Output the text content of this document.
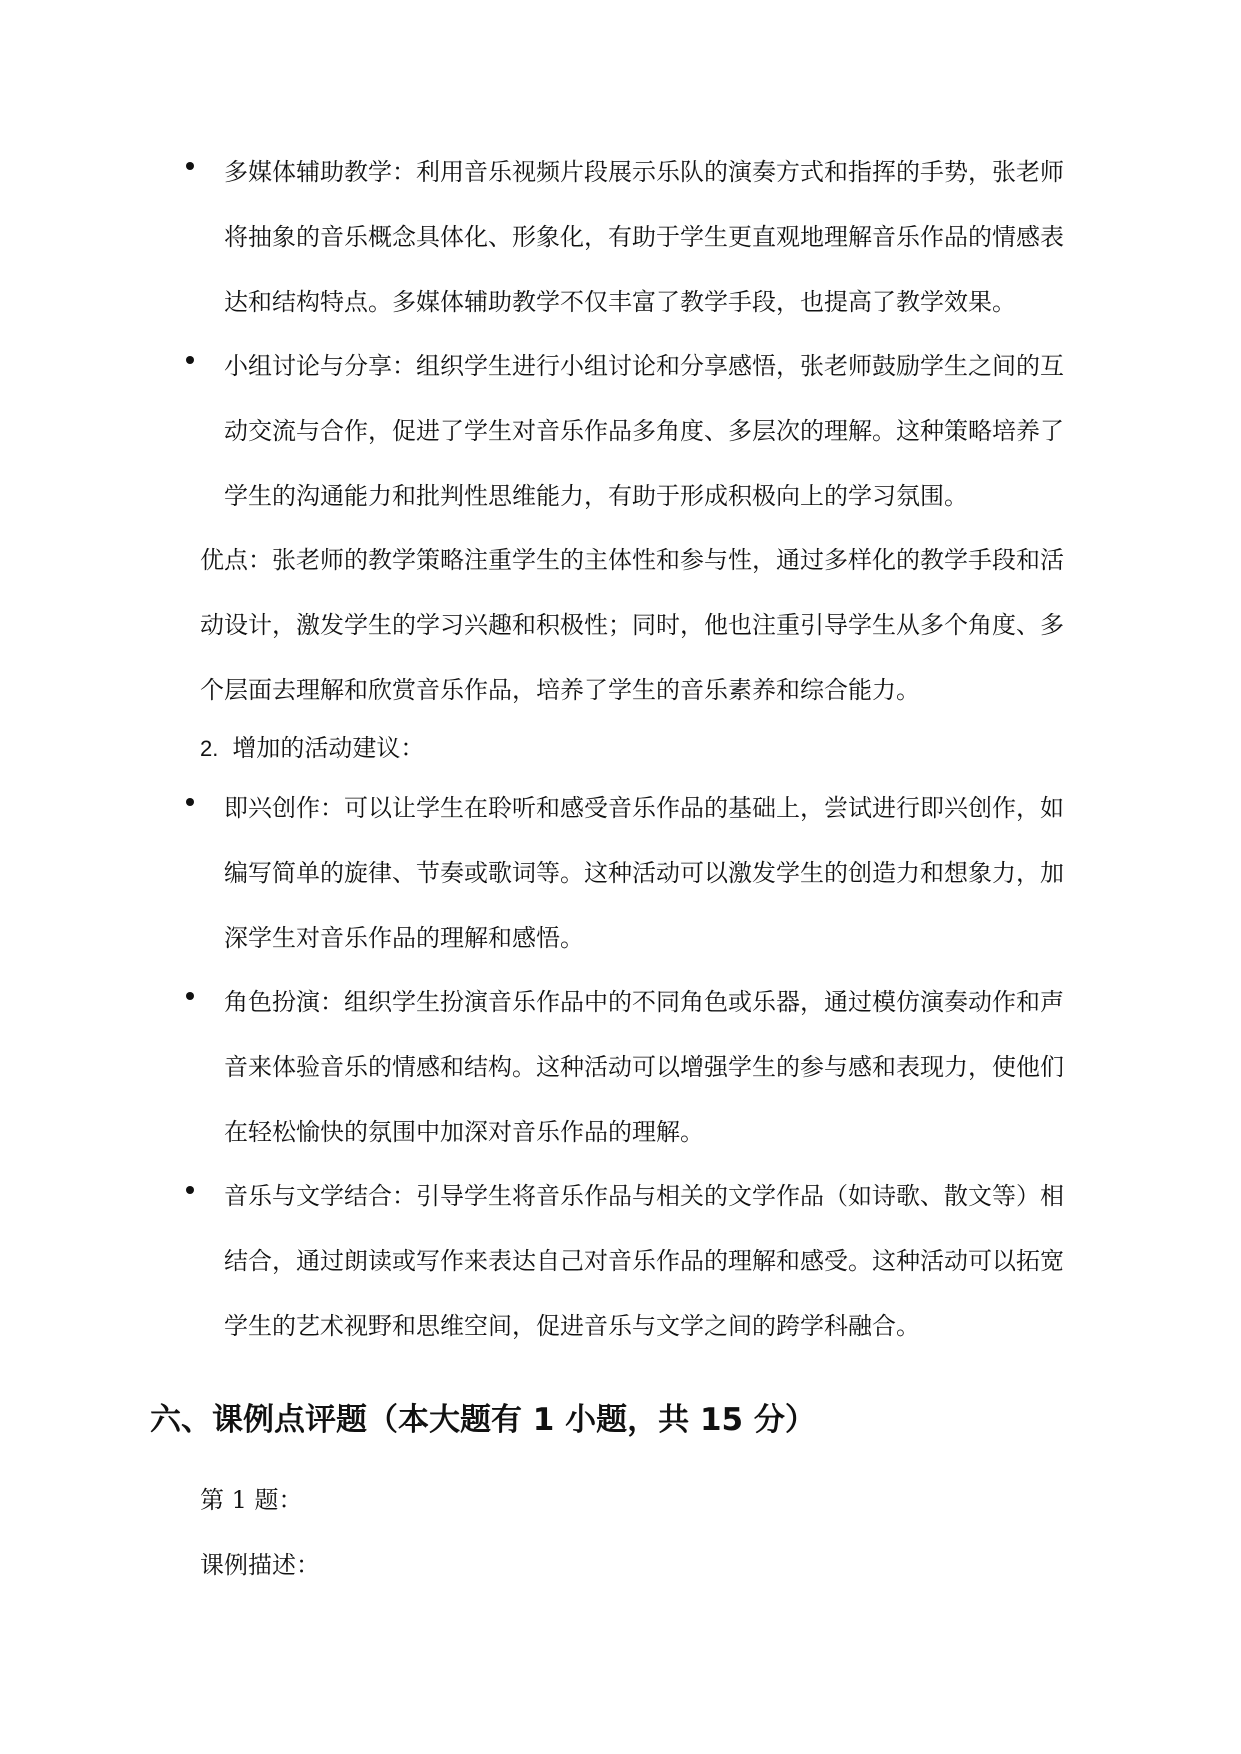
多媒体辅助教学：利用音乐视频片段展示乐队的演奏方式和指挥的手势，张老师
将抽象的音乐概念具体化、形象化，有助于学生更直观地理解音乐作品的情感表
达和结构特点。多媒体辅助教学不仅丰富了教学手段，也提高了教学效果。
小组讨论与分享：组织学生进行小组讨论和分享感悟，张老师鼓励学生之间的互
动交流与合作，促进了学生对音乐作品多角度、多层次的理解。这种策略培养了
学生的沟通能力和批判性思维能力，有助于形成积极向上的学习氛围。
优点：张老师的教学策略注重学生的主体性和参与性，通过多样化的教学手段和活
动设计，激发学生的学习兴趣和积极性；同时，他也注重引导学生从多个角度、多
个层面去理解和欣赏音乐作品，培养了学生的音乐素养和综合能力。
2. 增加的活动建议：
即兴创作：可以让学生在聆听和感受音乐作品的基础上，尝试进行即兴创作，如
编写简单的旋律、节奏或歌词等。这种活动可以激发学生的创造力和想象力，加
深学生对音乐作品的理解和感悟。
角色扮演：组织学生扮演音乐作品中的不同角色或乐器，通过模仿演奏动作和声
音来体验音乐的情感和结构。这种活动可以增强学生的参与感和表现力，使他们
在轻松愉快的氛围中加深对音乐作品的理解。
音乐与文学结合：引导学生将音乐作品与相关的文学作品（如诗歌、散文等）相
结合，通过朗读或写作来表达自己对音乐作品的理解和感受。这种活动可以拓宽
学生的艺术视野和思维空间，促进音乐与文学之间的跨学科融合。
六、课例点评题（本大题有 1 小题，共 15 分）
第 1 题：
课例描述：
